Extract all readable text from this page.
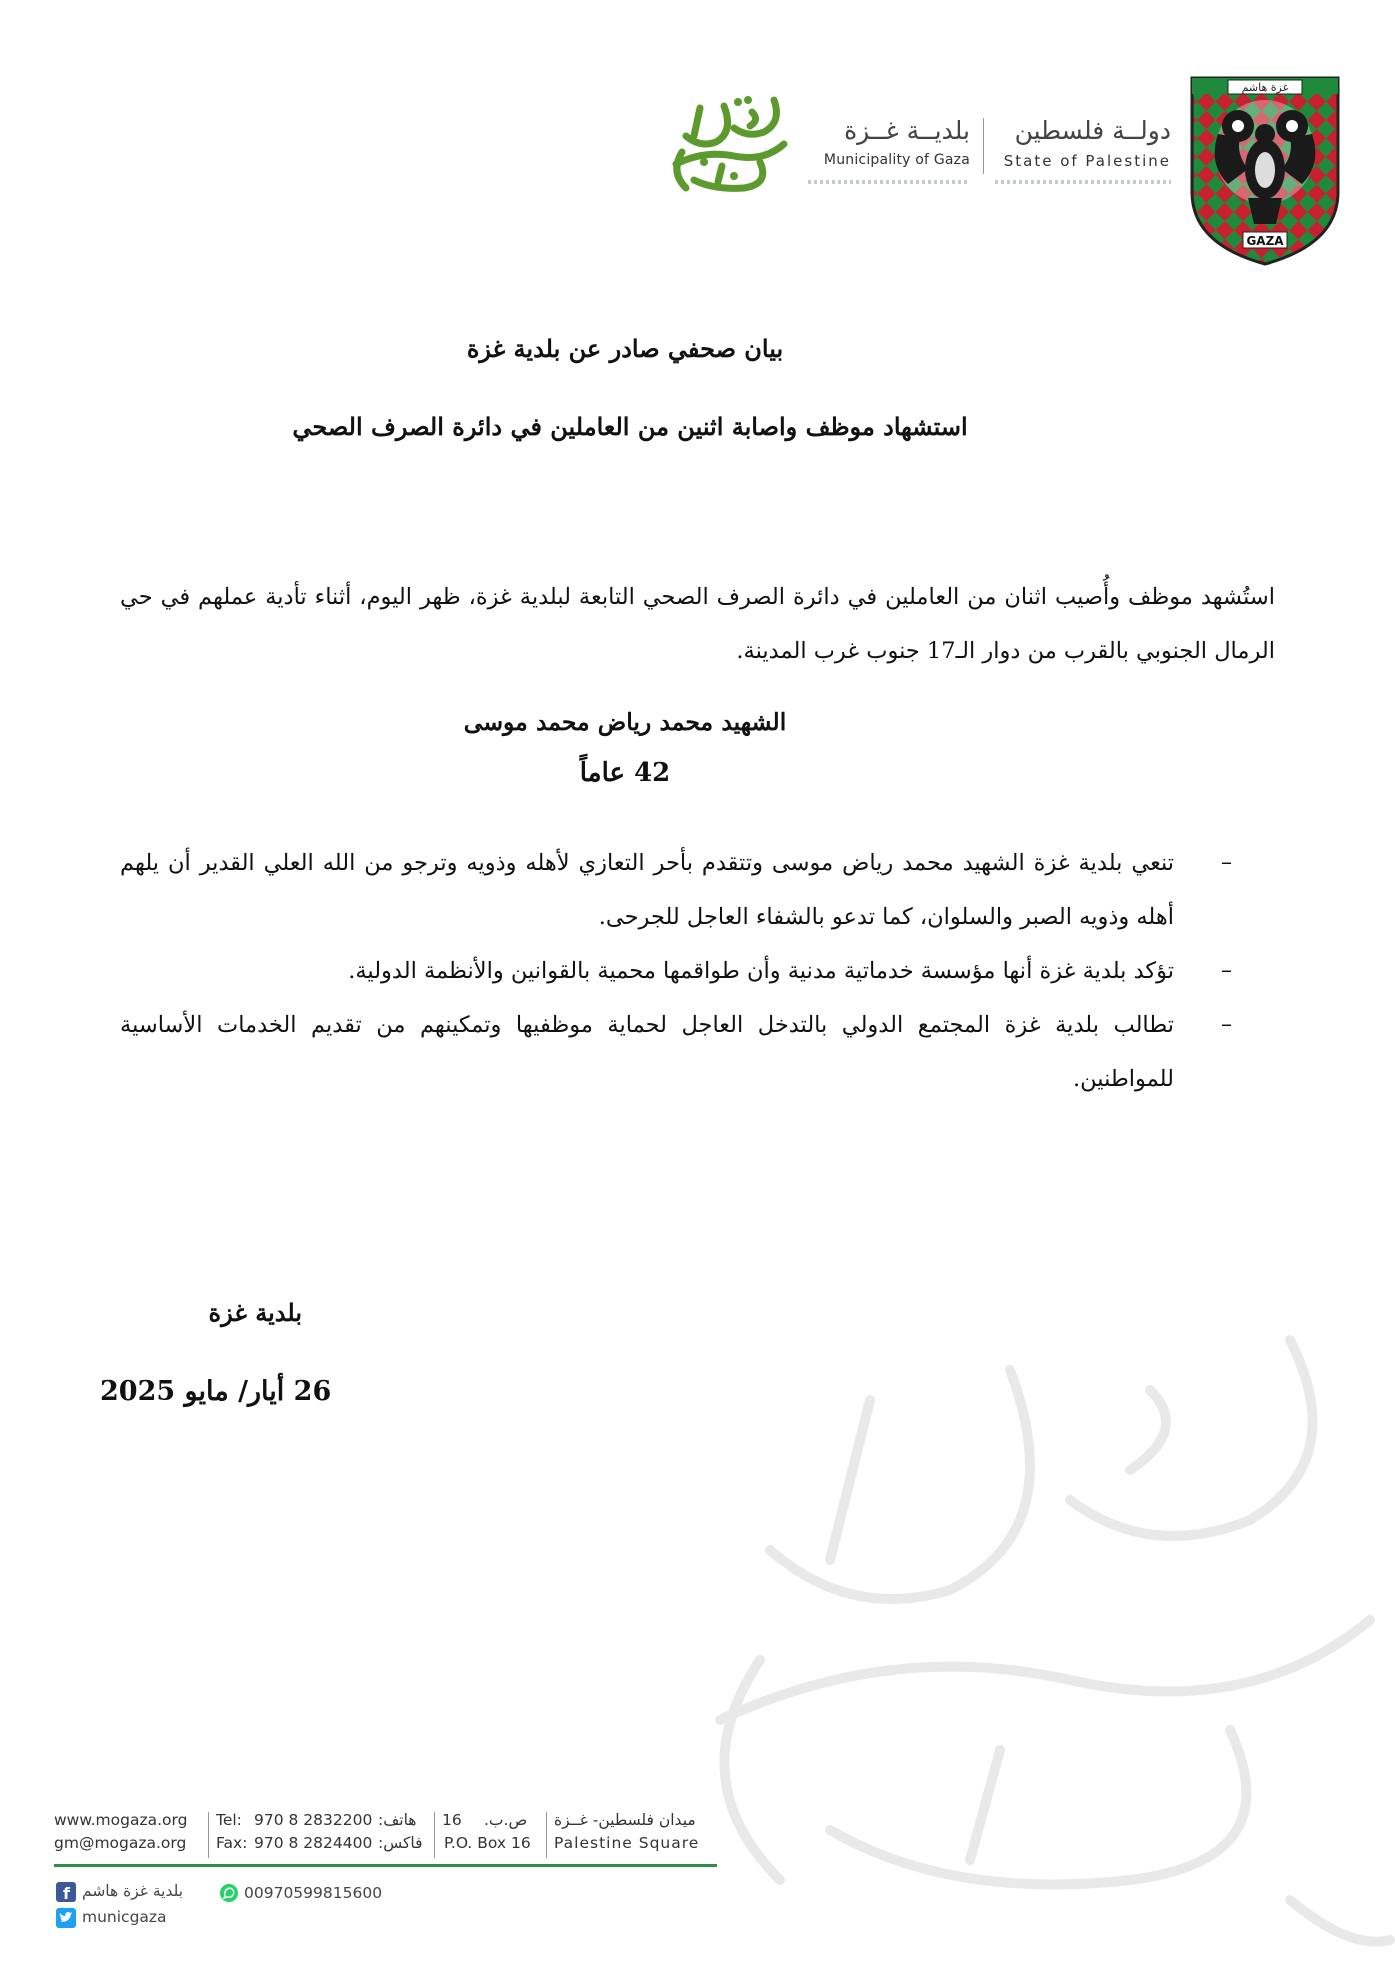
غزة هاشم
GAZA
دولــة فلسطين
State of Palestine
بلديــة غــزة
Municipality of Gaza
بيان صحفي صادر عن بلدية غزة
استشهاد موظف واصابة اثنين من العاملين في دائرة الصرف الصحي
استُشهد موظف وأُصيب اثنان من العاملين في دائرة الصرف الصحي التابعة لبلدية غزة، ظهر اليوم، أثناء تأدية عملهم في حي الرمال الجنوبي بالقرب من دوار الـ17 جنوب غرب المدينة.
الشهيد محمد رياض محمد موسى
42 عاماً
–
تنعي بلدية غزة الشهيد محمد رياض موسى وتتقدم بأحر التعازي لأهله وذويه وترجو من الله العلي القدير أن يلهم أهله وذويه الصبر والسلوان، كما تدعو بالشفاء العاجل للجرحى.
–
تؤكد بلدية غزة أنها مؤسسة خدماتية مدنية وأن طواقمها محمية بالقوانين والأنظمة الدولية.
–
تطالب بلدية غزة المجتمع الدولي بالتدخل العاجل لحماية موظفيها وتمكينهم من تقديم الخدمات الأساسية للمواطنين.
بلدية غزة
26 أيار/ مايو 2025
www.mogaza.org
gm@mogaza.org
Tel: 970 8 2832200 هاتف:
Fax: 970 8 2824400 فاكس:
16 ص.ب.
P.O. Box 16
ميدان فلسطين- غــزة
Palestine Square
f بلدية غزة هاشم	00970599815600
municgaza
